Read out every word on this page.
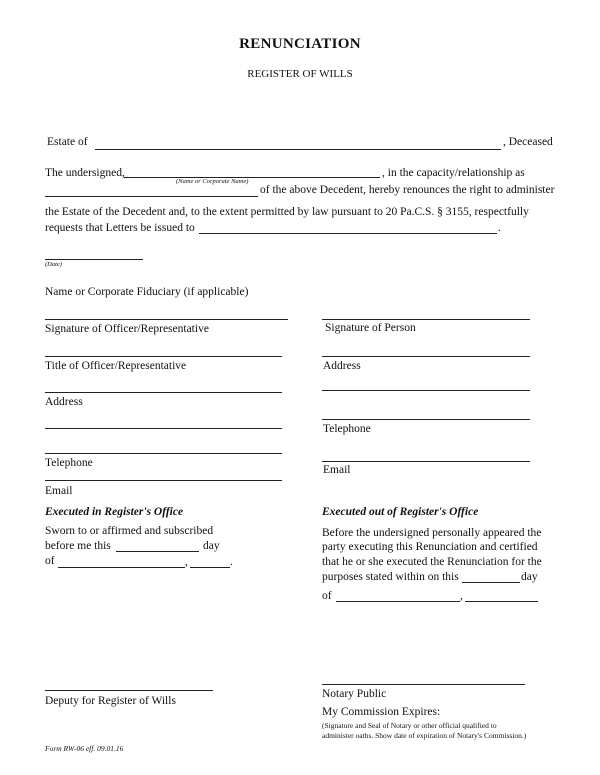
RENUNCIATION
REGISTER OF WILLS
Estate of	, Deceased
The undersigned,
(Name or Corporate Name)
, in the capacity/relationship as
of the above Decedent, hereby renounces the right to administer
the Estate of the Decedent and, to the extent permitted by law pursuant to 20 Pa.C.S. § 3155, respectfully
requests that Letters be issued to	.
(Date)
Name or Corporate Fiduciary (if applicable)
Signature of Officer/Representative
Title of Officer/Representative
Address
Telephone
Email
Signature of Person
Address
Telephone
Email
Executed in Register's Office
Sworn to or affirmed and subscribed
before me this	day
of	,	.
Executed out of Register's Office
Before the undersigned personally appeared the
party executing this Renunciation and certified
that he or she executed the Renunciation for the
purposes stated within on this	day
of	,
Deputy for Register of Wills
Notary Public
My Commission Expires:
(Signature and Seal of Notary or other official qualified to
administer oaths. Show date of expiration of Notary's Commission.)
Form RW-06 eff. 09.01.16
